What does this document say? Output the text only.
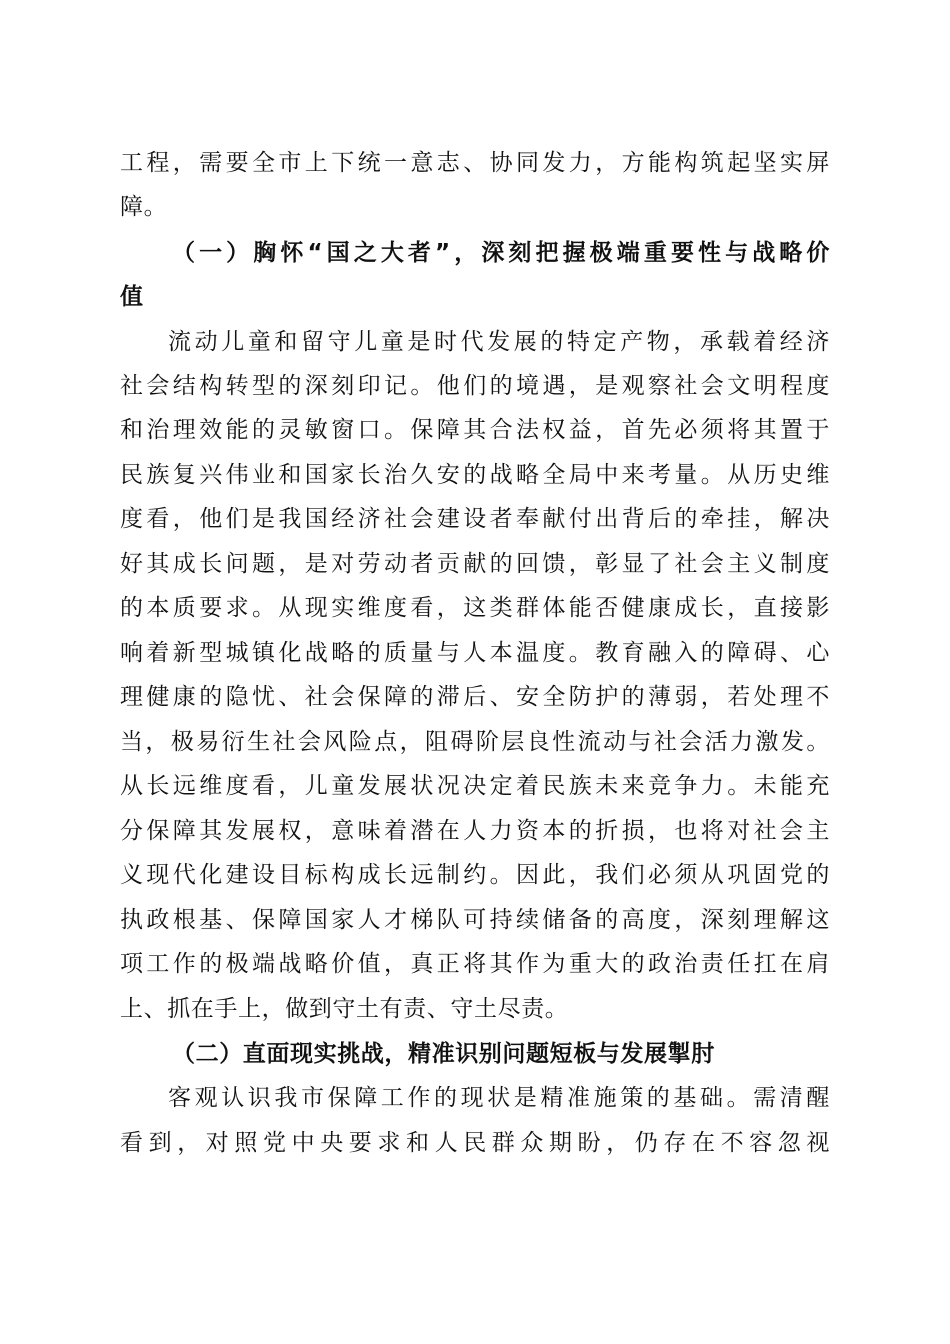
工程，需要全市上下统一意志、协同发力，方能构筑起坚实屏
障。
（一）胸怀“国之大者”，深刻把握极端重要性与战略价
值
流动儿童和留守儿童是时代发展的特定产物，承载着经济
社会结构转型的深刻印记。他们的境遇，是观察社会文明程度
和治理效能的灵敏窗口。保障其合法权益，首先必须将其置于
民族复兴伟业和国家长治久安的战略全局中来考量。从历史维
度看，他们是我国经济社会建设者奉献付出背后的牵挂，解决
好其成长问题，是对劳动者贡献的回馈，彰显了社会主义制度
的本质要求。从现实维度看，这类群体能否健康成长，直接影
响着新型城镇化战略的质量与人本温度。教育融入的障碍、心
理健康的隐忧、社会保障的滞后、安全防护的薄弱，若处理不
当，极易衍生社会风险点，阻碍阶层良性流动与社会活力激发。
从长远维度看，儿童发展状况决定着民族未来竞争力。未能充
分保障其发展权，意味着潜在人力资本的折损，也将对社会主
义现代化建设目标构成长远制约。因此，我们必须从巩固党的
执政根基、保障国家人才梯队可持续储备的高度，深刻理解这
项工作的极端战略价值，真正将其作为重大的政治责任扛在肩
上、抓在手上，做到守土有责、守土尽责。
（二）直面现实挑战，精准识别问题短板与发展掣肘
客观认识我市保障工作的现状是精准施策的基础。需清醒
看到，对照党中央要求和人民群众期盼，仍存在不容忽视
